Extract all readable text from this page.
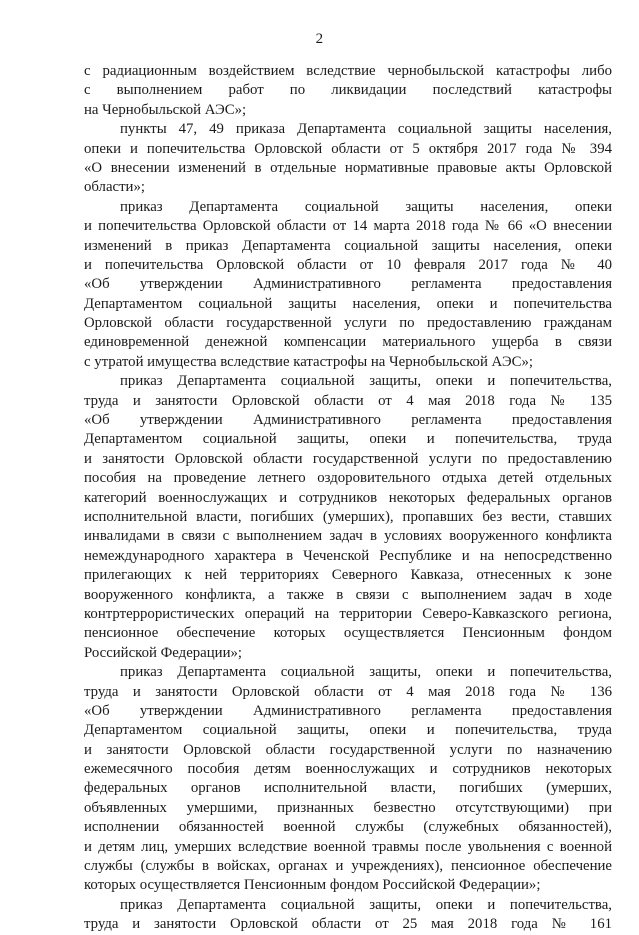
2
с радиационным воздействием вследствие чернобыльской катастрофы либо
с выполнением работ по ликвидации последствий катастрофы
на Чернобыльской АЭС»;
пункты 47, 49 приказа Департамента социальной защиты населения,
опеки и попечительства Орловской области от 5 октября 2017 года № 394
«О внесении изменений в отдельные нормативные правовые акты Орловской
области»;
приказ Департамента социальной защиты населения, опеки
и попечительства Орловской области от 14 марта 2018 года № 66 «О внесении
изменений в приказ Департамента социальной защиты населения, опеки
и попечительства Орловской области от 10 февраля 2017 года № 40
«Об утверждении Административного регламента предоставления
Департаментом социальной защиты населения, опеки и попечительства
Орловской области государственной услуги по предоставлению гражданам
единовременной денежной компенсации материального ущерба в связи
с утратой имущества вследствие катастрофы на Чернобыльской АЭС»;
приказ Департамента социальной защиты, опеки и попечительства,
труда и занятости Орловской области от 4 мая 2018 года № 135
«Об утверждении Административного регламента предоставления
Департаментом социальной защиты, опеки и попечительства, труда
и занятости Орловской области государственной услуги по предоставлению
пособия на проведение летнего оздоровительного отдыха детей отдельных
категорий военнослужащих и сотрудников некоторых федеральных органов
исполнительной власти, погибших (умерших), пропавших без вести, ставших
инвалидами в связи с выполнением задач в условиях вооруженного конфликта
немеждународного характера в Чеченской Республике и на непосредственно
прилегающих к ней территориях Северного Кавказа, отнесенных к зоне
вооруженного конфликта, а также в связи с выполнением задач в ходе
контртеррористических операций на территории Северо-Кавказского региона,
пенсионное обеспечение которых осуществляется Пенсионным фондом
Российской Федерации»;
приказ Департамента социальной защиты, опеки и попечительства,
труда и занятости Орловской области от 4 мая 2018 года № 136
«Об утверждении Административного регламента предоставления
Департаментом социальной защиты, опеки и попечительства, труда
и занятости Орловской области государственной услуги по назначению
ежемесячного пособия детям военнослужащих и сотрудников некоторых
федеральных органов исполнительной власти, погибших (умерших,
объявленных умершими, признанных безвестно отсутствующими) при
исполнении обязанностей военной службы (служебных обязанностей),
и детям лиц, умерших вследствие военной травмы после увольнения с военной
службы (службы в войсках, органах и учреждениях), пенсионное обеспечение
которых осуществляется Пенсионным фондом Российской Федерации»;
приказ Департамента социальной защиты, опеки и попечительства,
труда и занятости Орловской области от 25 мая 2018 года № 161
